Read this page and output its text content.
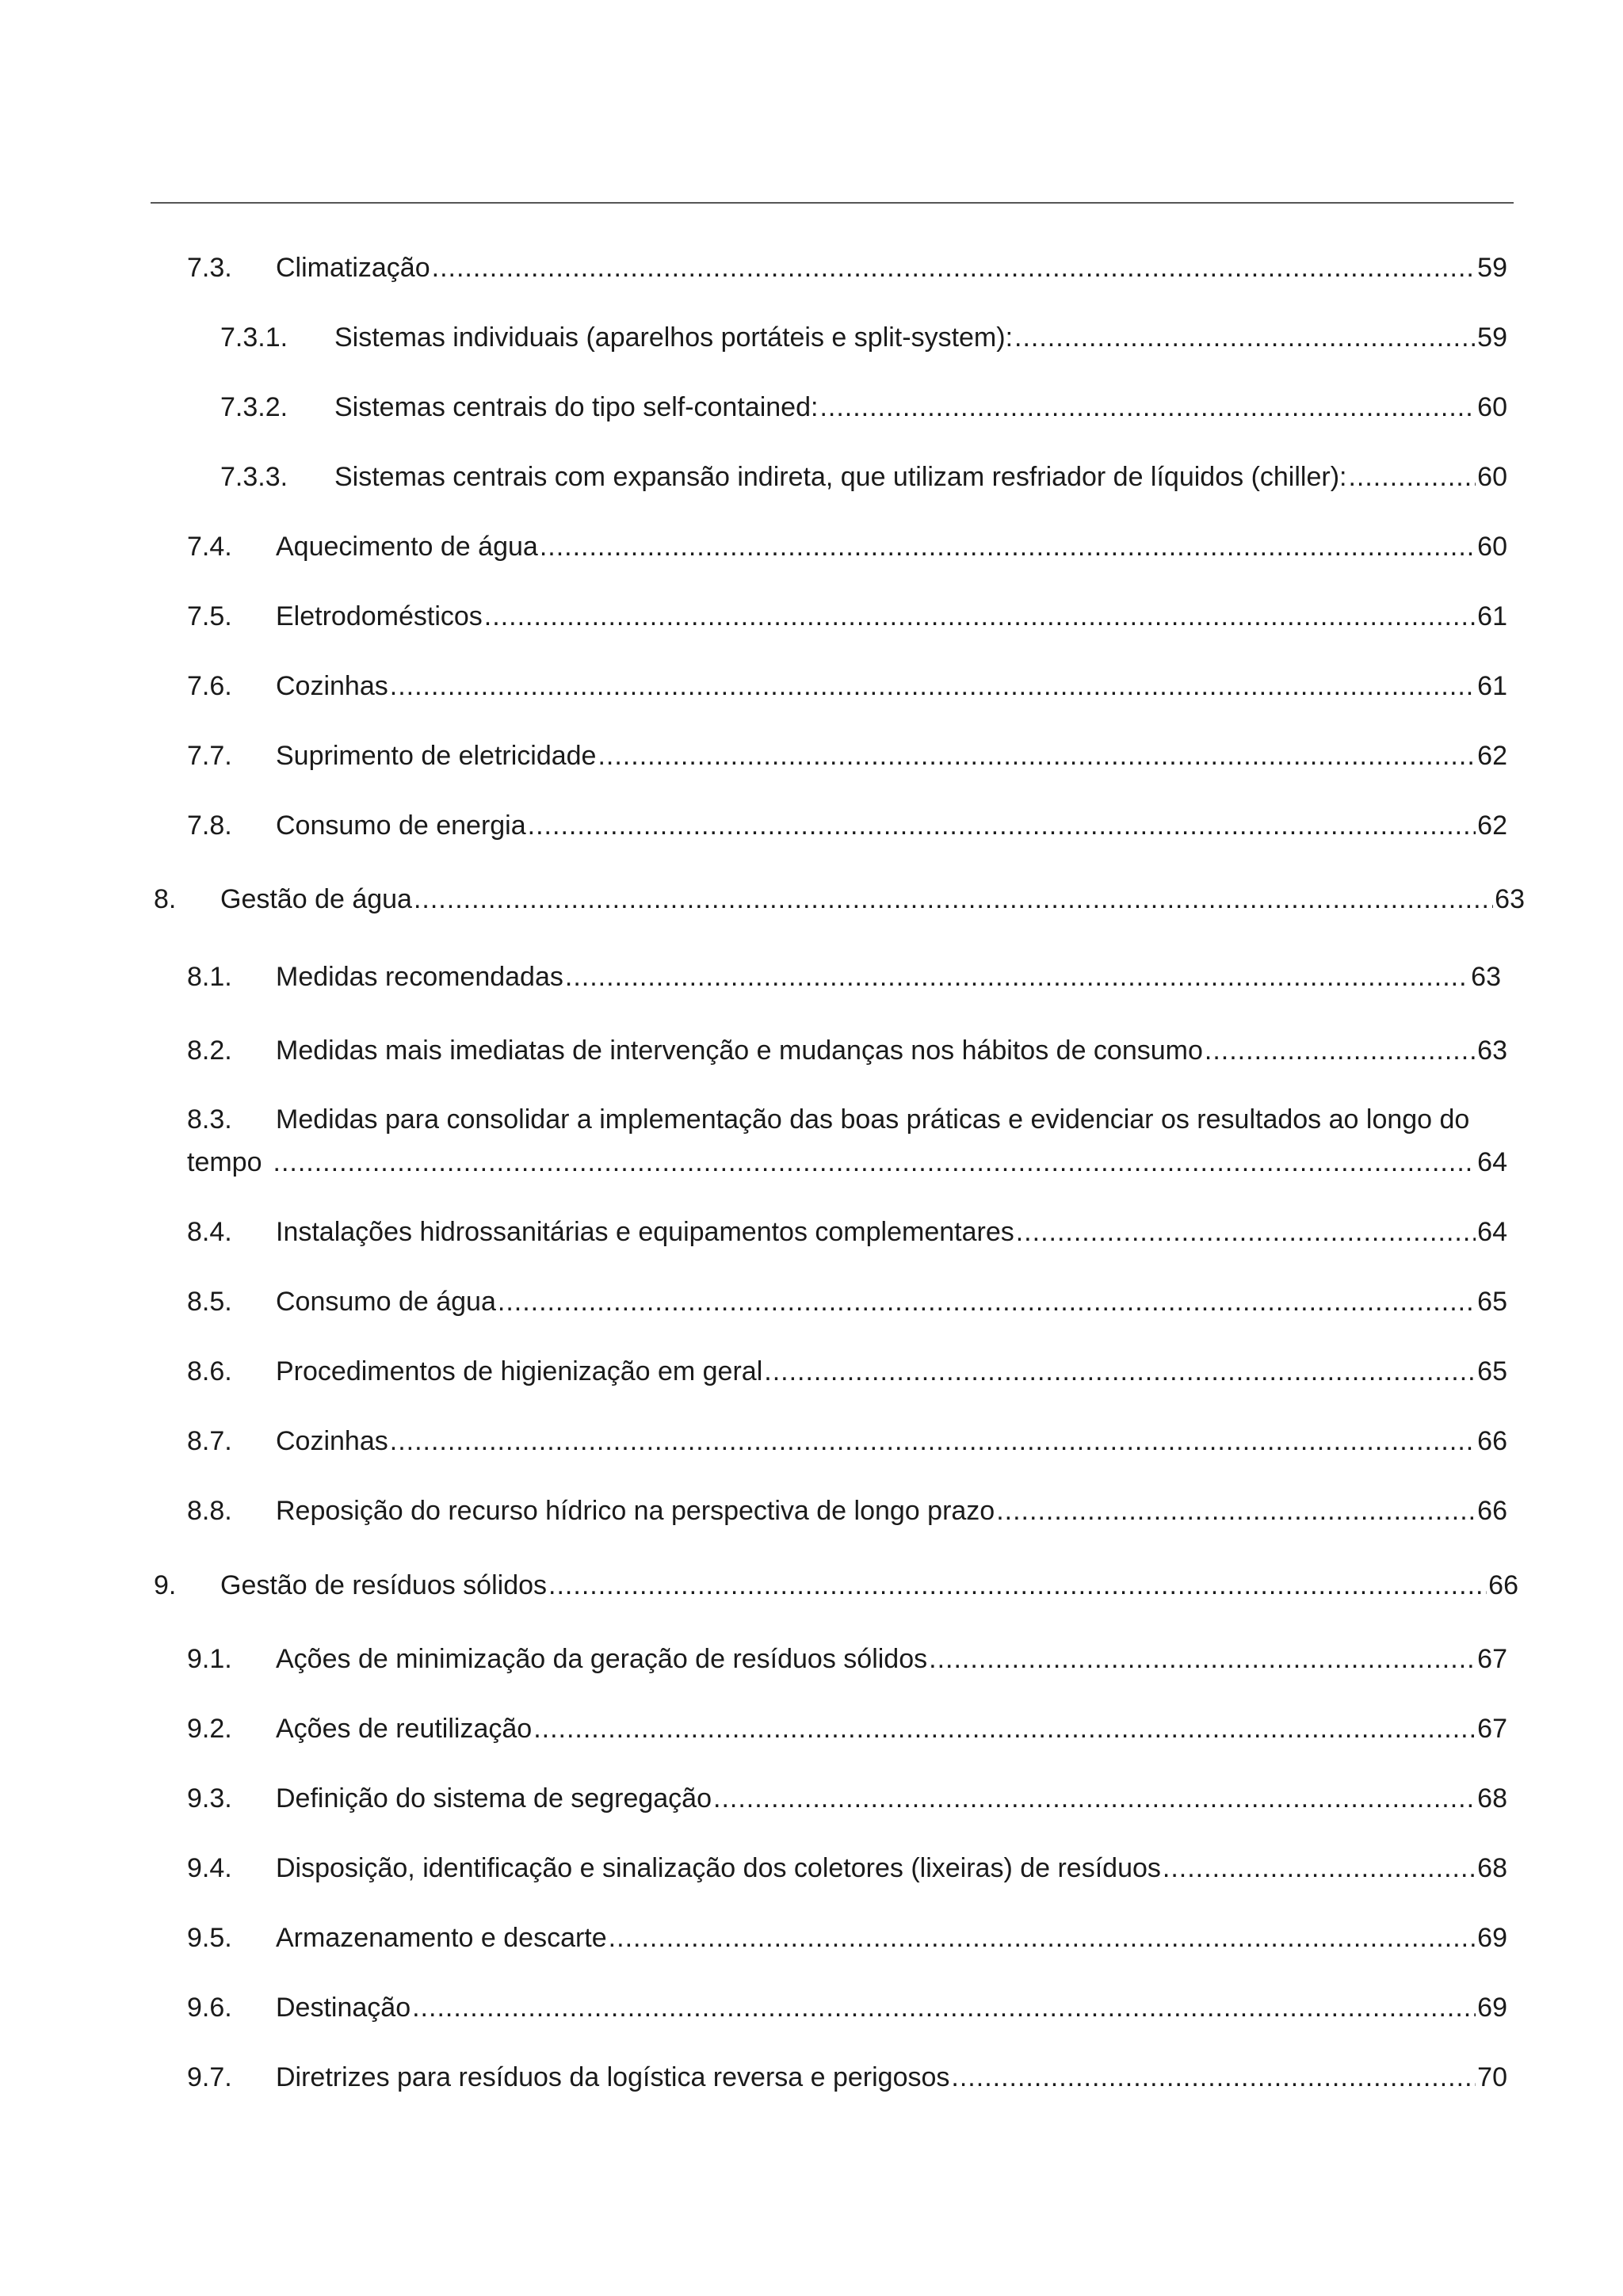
7.3.	Climatização .....	59
7.3.1.	Sistemas individuais (aparelhos portáteis e split-system): .....	59
7.3.2.	Sistemas centrais do tipo self-contained: .....	60
7.3.3.	Sistemas centrais com expansão indireta, que utilizam resfriador de líquidos (chiller): .....	60
7.4.	Aquecimento de água .....	60
7.5.	Eletrodomésticos .....	61
7.6.	Cozinhas .....	61
7.7.	Suprimento de eletricidade .....	62
7.8.	Consumo de energia .....	62
8.	Gestão de água .....	63
8.1.	Medidas recomendadas .....	63
8.2.	Medidas mais imediatas de intervenção e mudanças nos hábitos de consumo .....	63
8.3.	Medidas para consolidar a implementação das boas práticas e evidenciar os resultados ao longo do
tempo .....	64
8.4.	Instalações hidrossanitárias e equipamentos complementares .....	64
8.5.	Consumo de água .....	65
8.6.	Procedimentos de higienização em geral .....	65
8.7.	Cozinhas .....	66
8.8.	Reposição do recurso hídrico na perspectiva de longo prazo .....	66
9.	Gestão de resíduos sólidos .....	66
9.1.	Ações de minimização da geração de resíduos sólidos .....	67
9.2.	Ações de reutilização .....	67
9.3.	Definição do sistema de segregação .....	68
9.4.	Disposição, identificação e sinalização dos coletores (lixeiras) de resíduos .....	68
9.5.	Armazenamento e descarte .....	69
9.6.	Destinação .....	69
9.7.	Diretrizes para resíduos da logística reversa e perigosos .....	70
